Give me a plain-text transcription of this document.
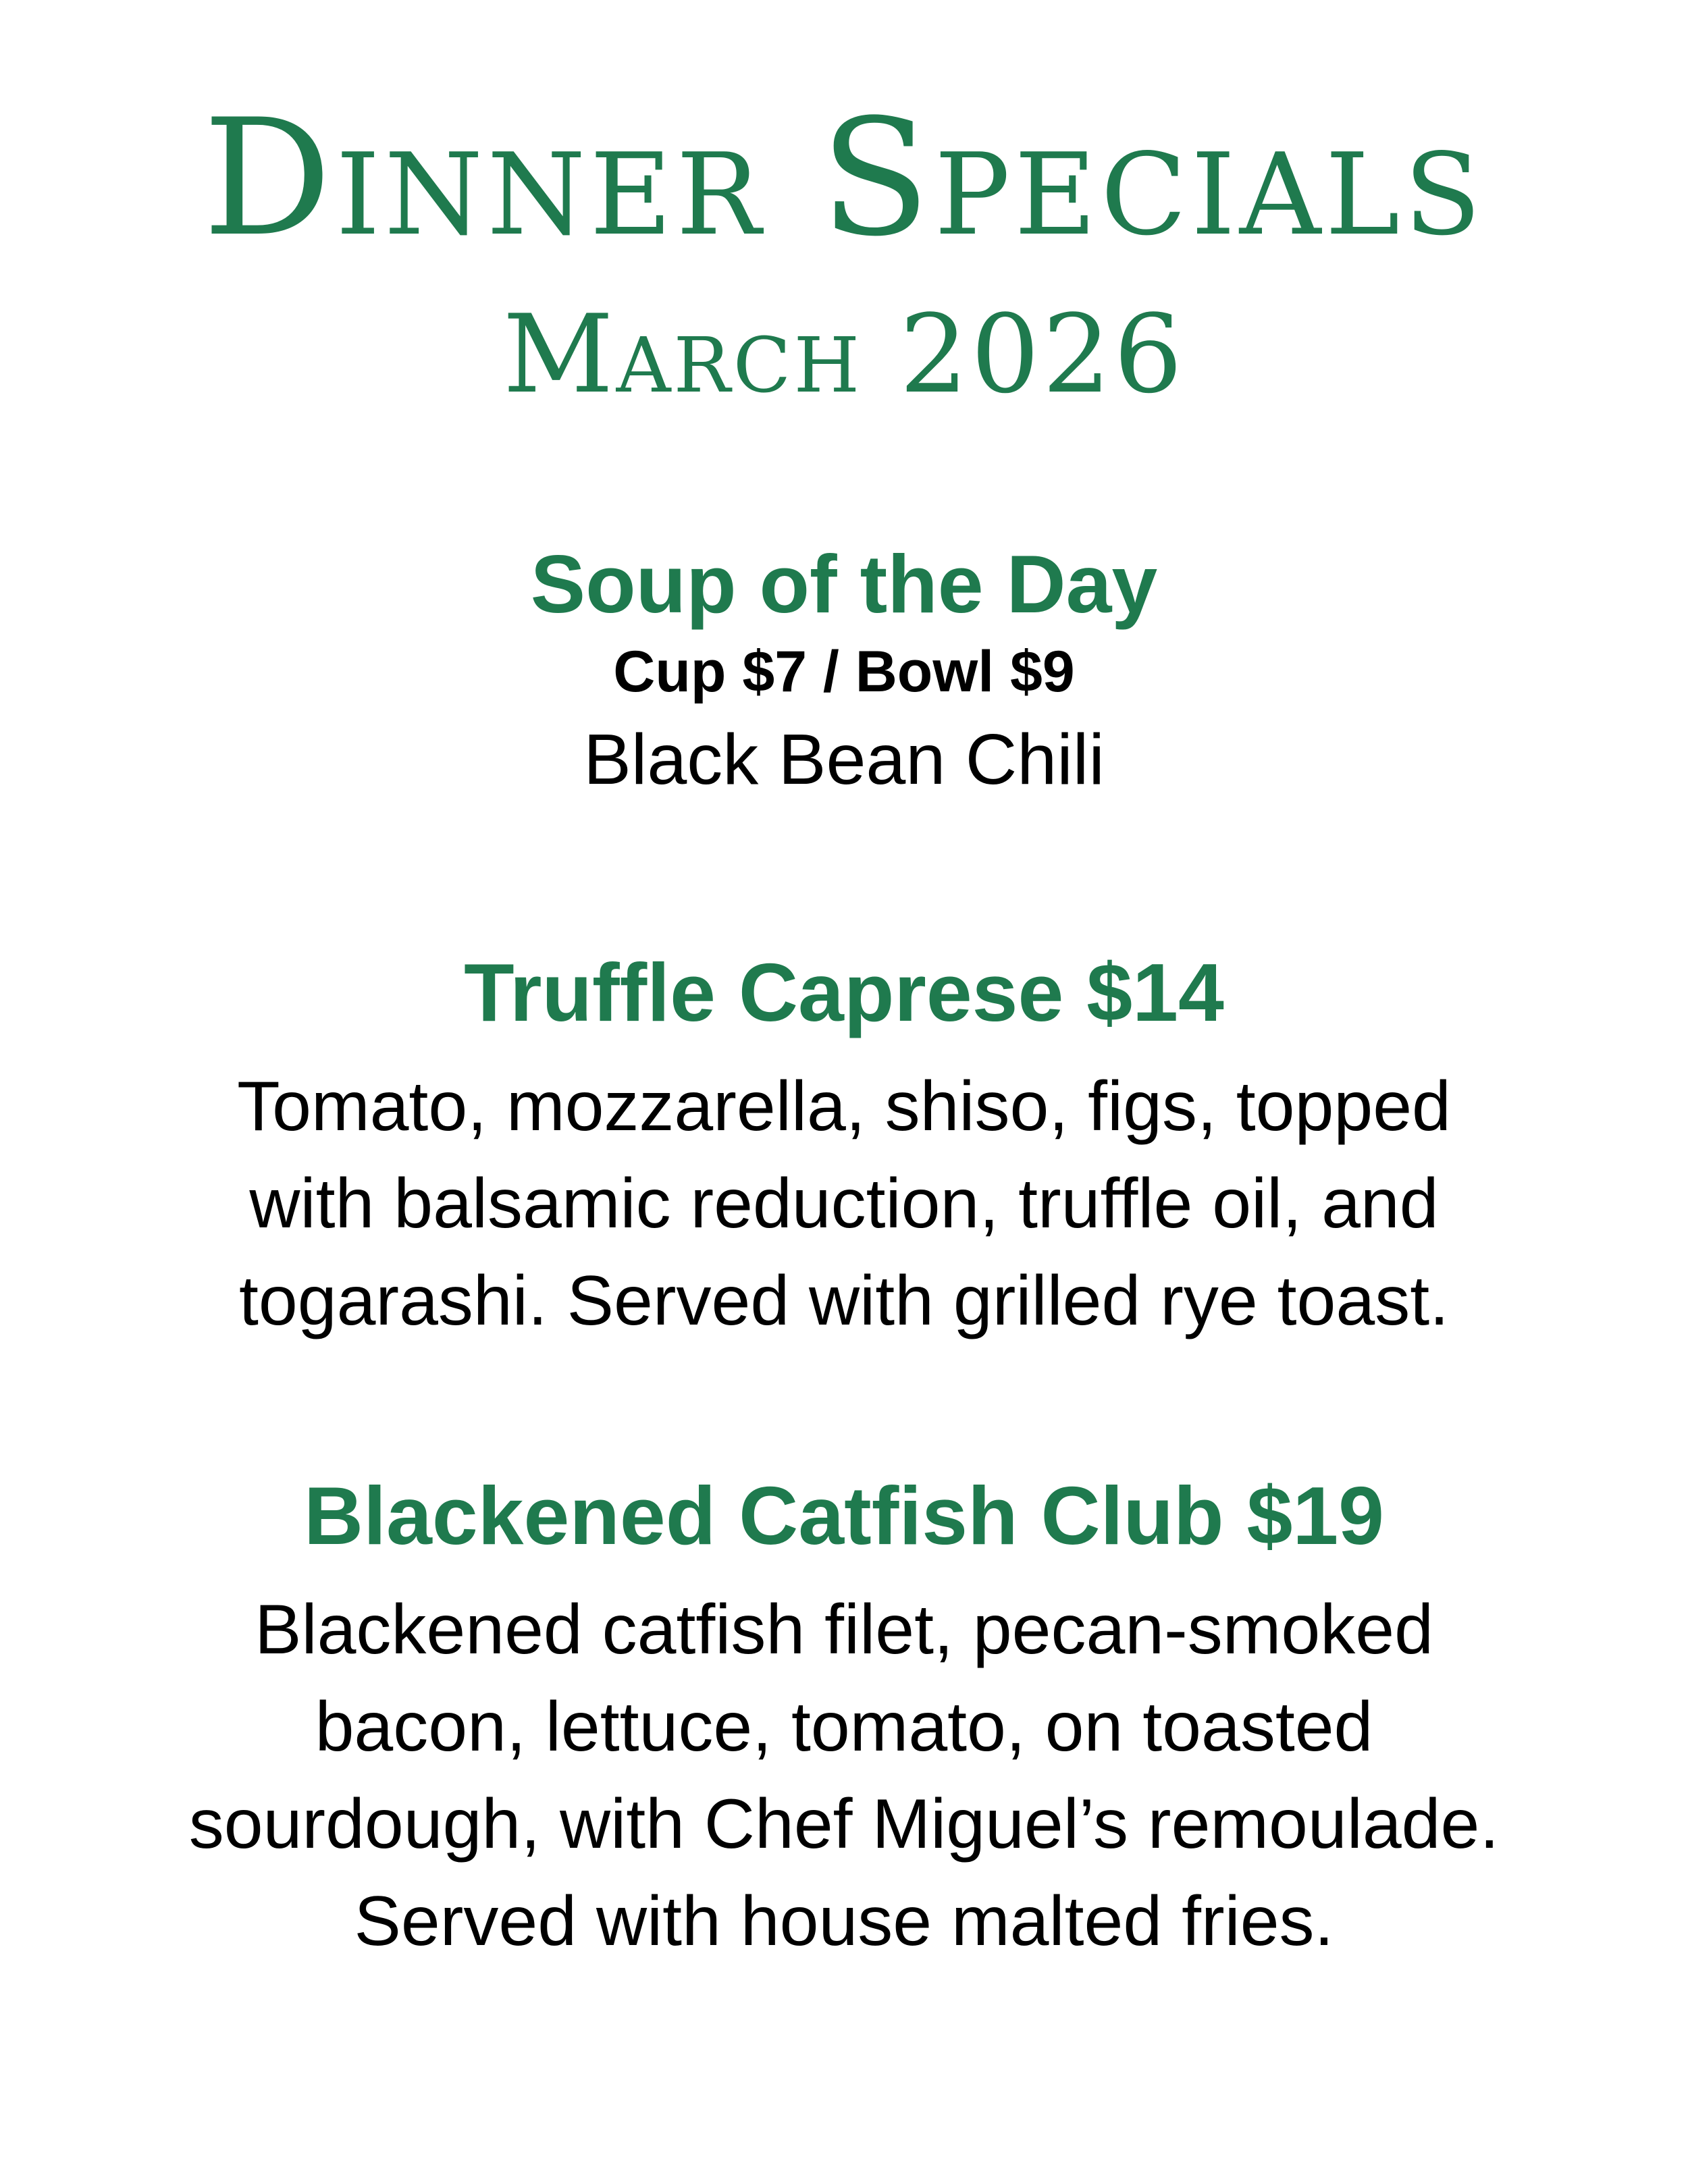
Dinner Specials
March 2026
Soup of the Day
Cup $7 / Bowl $9
Black Bean Chili
Truffle Caprese $14
Tomato, mozzarella, shiso, figs, topped
with balsamic reduction, truffle oil, and
togarashi. Served with grilled rye toast.
Blackened Catfish Club $19
Blackened catfish filet, pecan-smoked
bacon, lettuce, tomato, on toasted
sourdough, with Chef Miguel’s remoulade.
Served with house malted fries.
